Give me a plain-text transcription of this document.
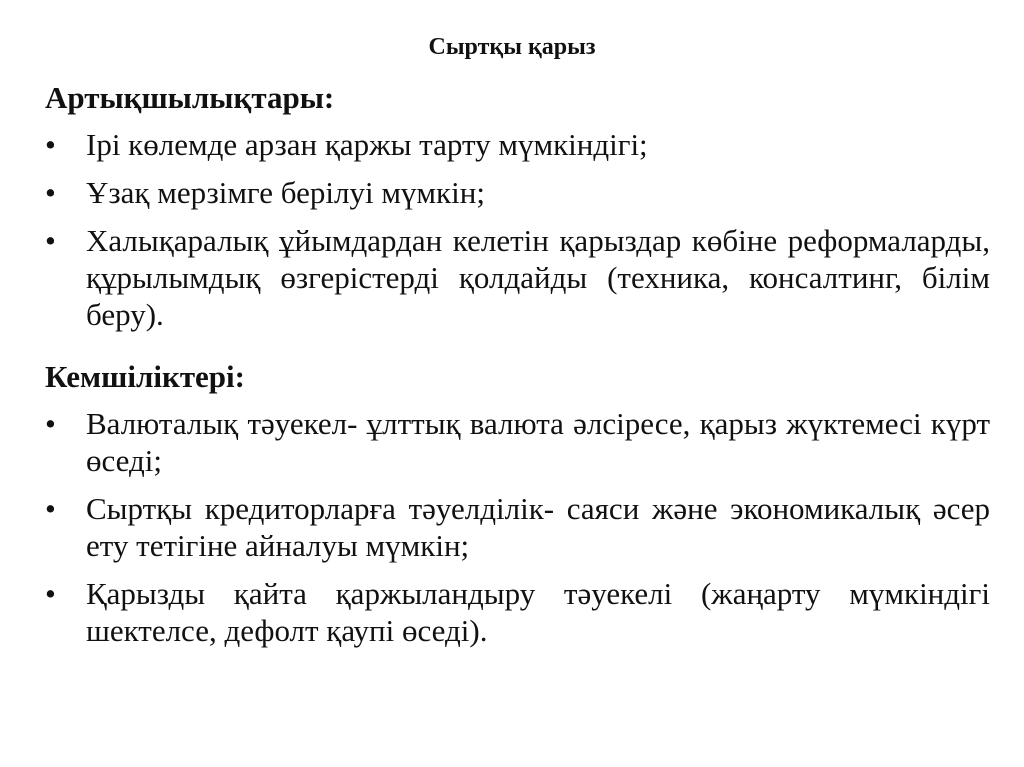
Сыртқы қарыз
Артықшылықтары:
• Ірі көлемде арзан қаржы тарту мүмкіндігі;
• Ұзақ мерзімге берілуі мүмкін;
• Халықаралық ұйымдардан келетін қарыздар көбіне реформаларды, құрылымдық өзгерістерді қолдайды (техника, консалтинг, білім беру).
Кемшіліктері:
• Валюталық тәуекел- ұлттық валюта әлсіресе, қарыз жүктемесі күрт өседі;
• Сыртқы кредиторларға тәуелділік- саяси және экономикалық әсер ету тетігіне айналуы мүмкін;
• Қарызды қайта қаржыландыру тәуекелі (жаңарту мүмкіндігі шектелсе, дефолт қаупі өседі).
